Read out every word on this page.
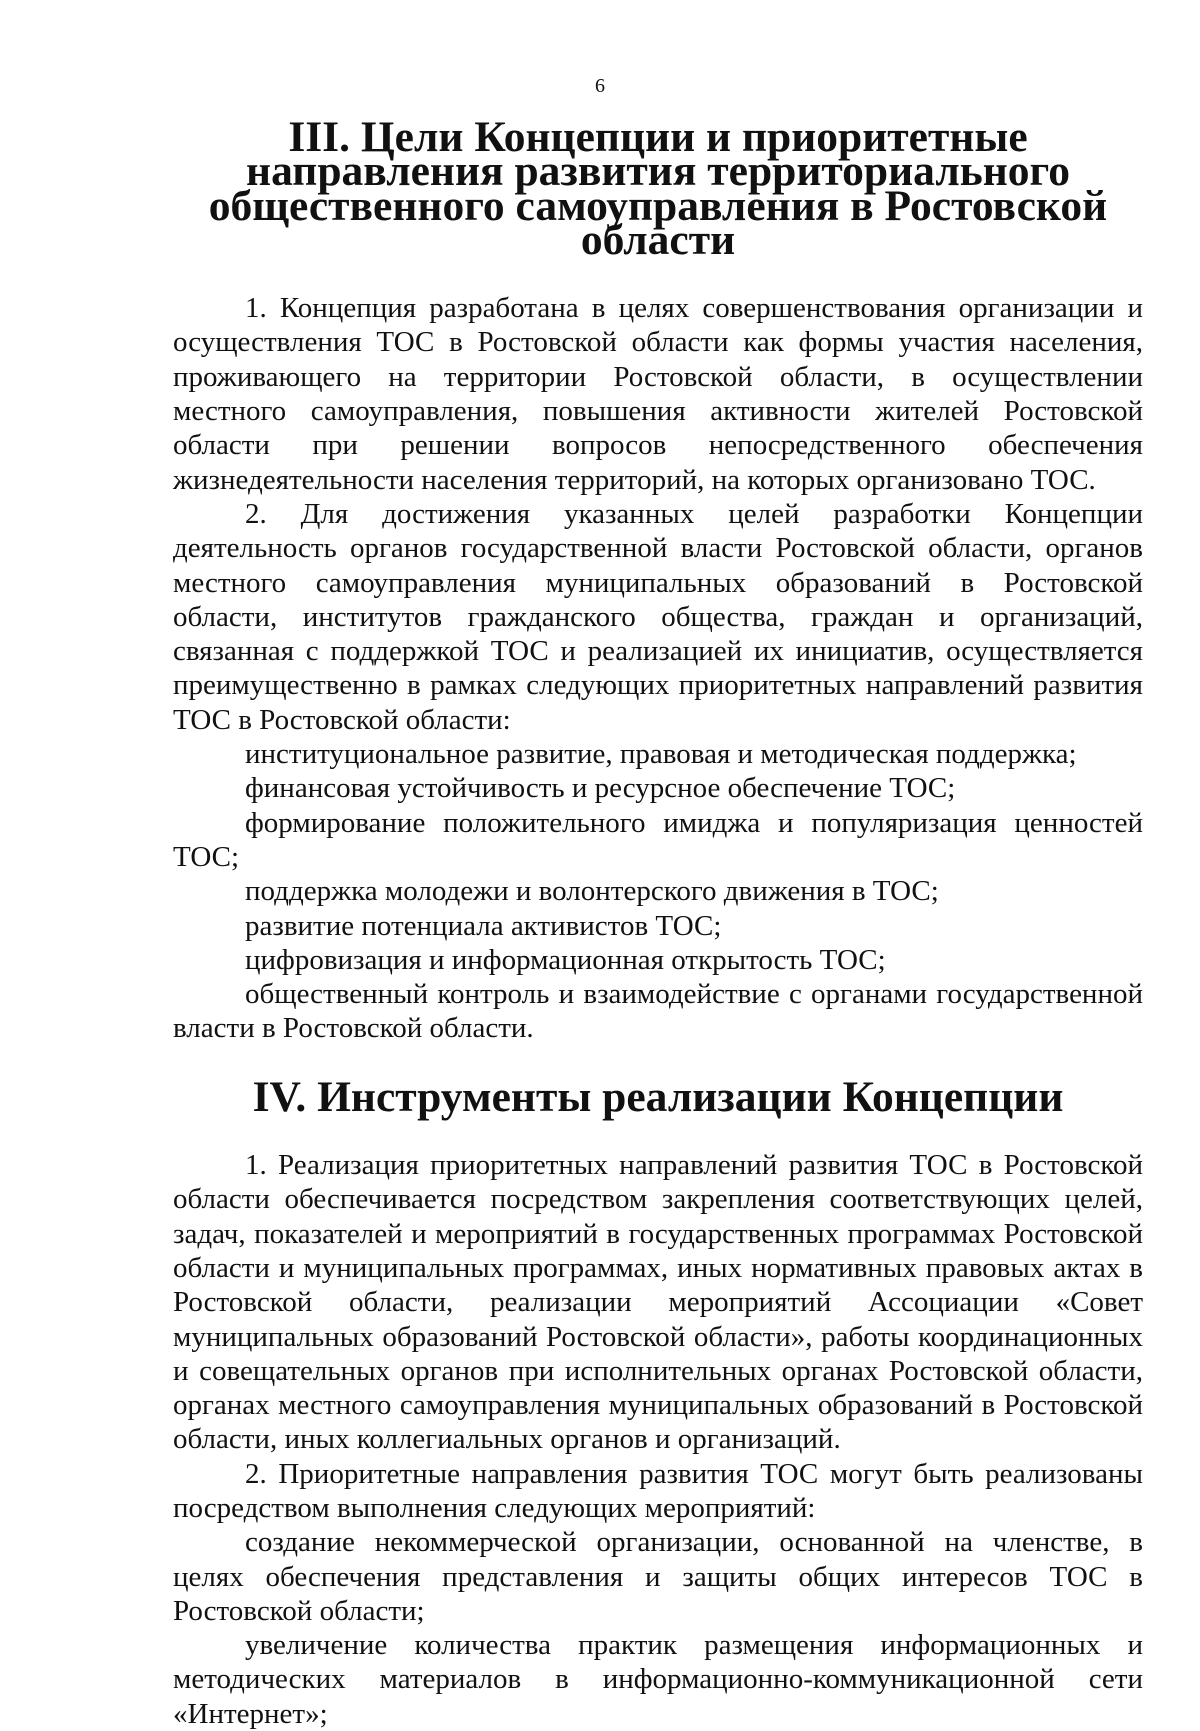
6
III. Цели Концепции и приоритетные
направления развития территориального
общественного самоуправления в Ростовской области

1. Концепция разработана в целях совершенствования организации и осуществления ТОС в Ростовской области как формы участия населения, проживающего на территории Ростовской области, в осуществлении местного самоуправления, повышения активности жителей Ростовской области при решении вопросов непосредственного обеспечения жизнедеятельности населения территорий, на которых организовано ТОС.

2. Для достижения указанных целей разработки Концепции деятельность органов государственной власти Ростовской области, органов местного самоуправления муниципальных образований в Ростовской области, институтов гражданского общества, граждан и организаций, связанная с поддержкой ТОС и реализацией их инициатив, осуществляется преимущественно в рамках следующих приоритетных направлений развития ТОС в Ростовской области:

институциональное развитие, правовая и методическая поддержка;

финансовая устойчивость и ресурсное обеспечение ТОС;

формирование положительного имиджа и популяризация ценностей ТОС;

поддержка молодежи и волонтерского движения в ТОС;

развитие потенциала активистов ТОС;

цифровизация и информационная открытость ТОС;

общественный контроль и взаимодействие с органами государственной власти в Ростовской области.

IV. Инструменты реализации Концепции

1. Реализация приоритетных направлений развития ТОС в Ростовской области обеспечивается посредством закрепления соответствующих целей, задач, показателей и мероприятий в государственных программах Ростовской области и муниципальных программах, иных нормативных правовых актах в Ростовской области, реализации мероприятий Ассоциации «Совет муниципальных образований Ростовской области», работы координационных и совещательных органов при исполнительных органах Ростовской области, органах местного самоуправления муниципальных образований в Ростовской области, иных коллегиальных органов и организаций.

2. Приоритетные направления развития ТОС могут быть реализованы посредством выполнения следующих мероприятий:

создание некоммерческой организации, основанной на членстве, в целях обеспечения представления и защиты общих интересов ТОС в Ростовской области;

увеличение количества практик размещения информационных и методических материалов в информационно-коммуникационной сети «Интернет»;
